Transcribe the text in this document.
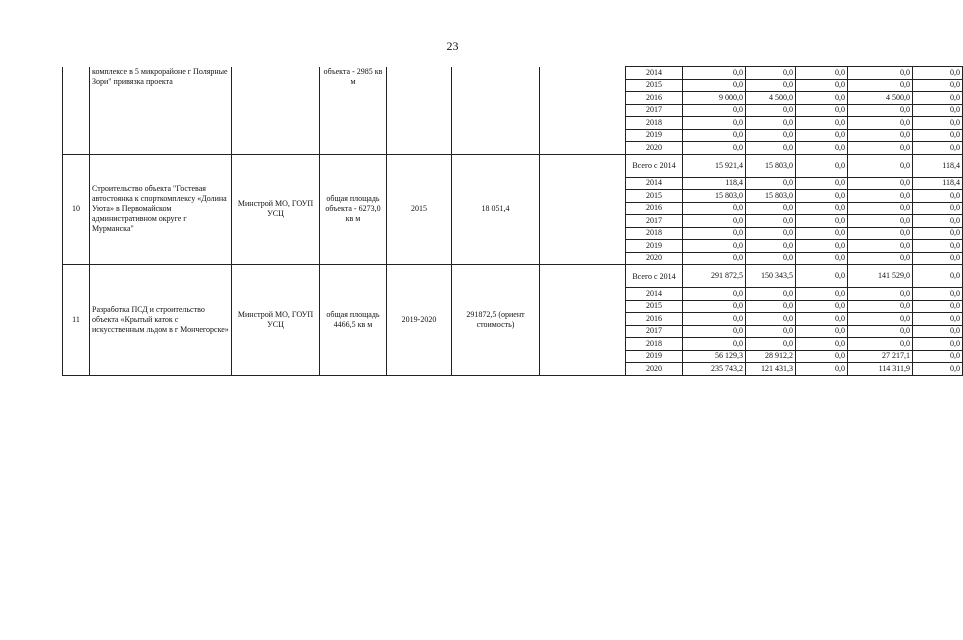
23
	комплексе в 5 микрорайоне г Полярные Зори" привязка проекта		объекта - 2985 кв м				2014	0,0	0,0	0,0	0,0	0,0
							2015	0,0	0,0	0,0	0,0	0,0
							2016	9 000,0	4 500,0	0,0	4 500,0	0,0
							2017	0,0	0,0	0,0	0,0	0,0
							2018	0,0	0,0	0,0	0,0	0,0
							2019	0,0	0,0	0,0	0,0	0,0
							2020	0,0	0,0	0,0	0,0	0,0
10	Строительство объекта "Гостевая автостоянка к спорткомплексу «Долина Уюта» в Первомайском административном округе г Мурманска"	Минстрой МО, ГОУП УСЦ	общая площадь объекта - 6273,0 кв м	2015	18 051,4		Всего с 2014	15 921,4	15 803,0	0,0	0,0	118,4
							2014	118,4	0,0	0,0	0,0	118,4
							2015	15 803,0	15 803,0	0,0	0,0	0,0
							2016	0,0	0,0	0,0	0,0	0,0
							2017	0,0	0,0	0,0	0,0	0,0
							2018	0,0	0,0	0,0	0,0	0,0
							2019	0,0	0,0	0,0	0,0	0,0
							2020	0,0	0,0	0,0	0,0	0,0
11	Разработка ПСД и строительство объекта «Крытый каток с искусственным льдом в г Мончегорске»	Минстрой МО, ГОУП УСЦ	общая площадь 4466,5 кв м	2019-2020	291872,5 (ориент стоимость)		Всего с 2014	291 872,5	150 343,5	0,0	141 529,0	0,0
							2014	0,0	0,0	0,0	0,0	0,0
							2015	0,0	0,0	0,0	0,0	0,0
							2016	0,0	0,0	0,0	0,0	0,0
							2017	0,0	0,0	0,0	0,0	0,0
							2018	0,0	0,0	0,0	0,0	0,0
							2019	56 129,3	28 912,2	0,0	27 217,1	0,0
							2020	235 743,2	121 431,3	0,0	114 311,9	0,0
